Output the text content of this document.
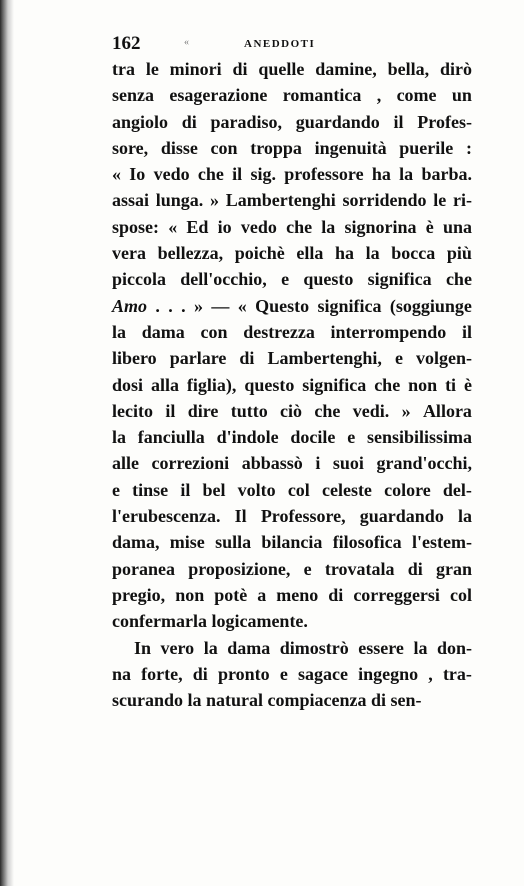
162	«	ANEDDOTI
tra le minori di quelle damine, bella, dirò
senza esagerazione romantica , come un
angiolo di paradiso, guardando il Profes-
sore, disse con troppa ingenuità puerile :
« Io vedo che il sig. professore ha la barba.
assai lunga. » Lambertenghi sorridendo le ri-
spose: « Ed io vedo che la signorina è una
vera bellezza, poichè ella ha la bocca più
piccola dell'occhio, e questo significa che
Amo . . . » — « Questo significa (soggiunge
la dama con destrezza interrompendo il
libero parlare di Lambertenghi, e volgen-
dosi alla figlia), questo significa che non ti è
lecito il dire tutto ciò che vedi. » Allora
la fanciulla d'indole docile e sensibilissima
alle correzioni abbassò i suoi grand'occhi,
e tinse il bel volto col celeste colore del-
l'erubescenza. Il Professore, guardando la
dama, mise sulla bilancia filosofica l'estem-
poranea proposizione, e trovatala di gran
pregio, non potè a meno di correggersi col
confermarla logicamente.
In vero la dama dimostrò essere la don-
na forte, di pronto e sagace ingegno , tra-
scurando la natural compiacenza di sen-
